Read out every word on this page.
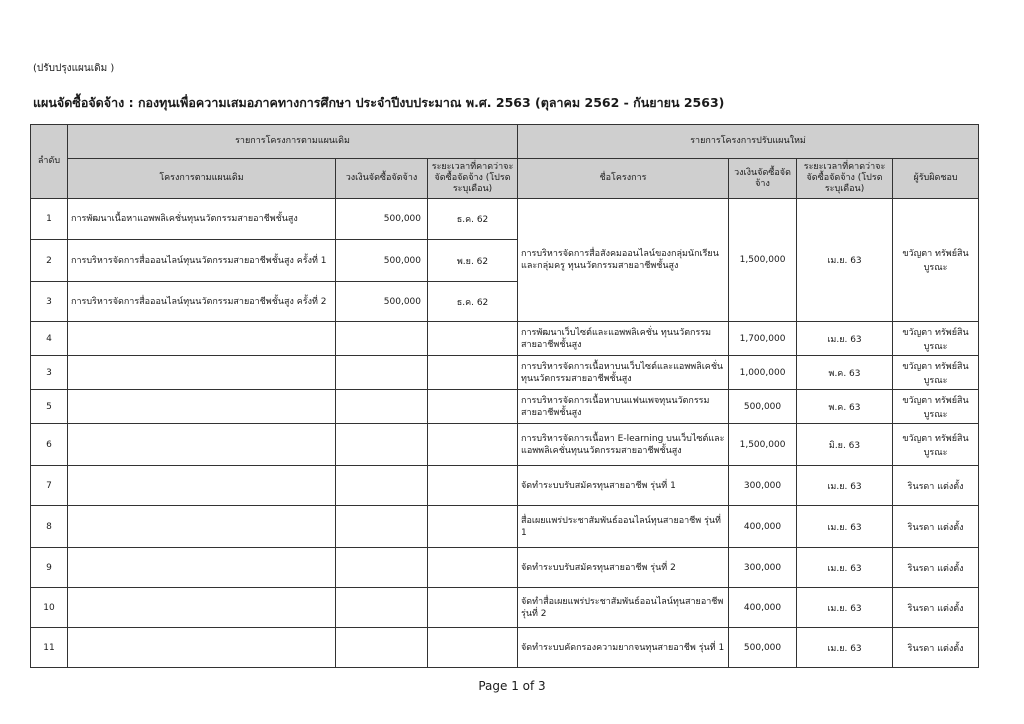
(ปรับปรุงแผนเดิม )
แผนจัดซื้อจัดจ้าง : กองทุนเพื่อความเสมอภาคทางการศึกษา ประจำปีงบประมาณ พ.ศ. 2563 (ตุลาคม 2562 - กันยายน 2563)
ลำดับ	รายการโครงการตามแผนเดิม			รายการโครงการปรับแผนใหม่			
	โครงการตามแผนเดิม	วงเงินจัดซื้อจัดจ้าง	ระยะเวลาที่คาดว่าจะจัดซื้อจัดจ้าง (โปรดระบุเดือน)	ชื่อโครงการ	วงเงินจัดซื้อจัดจ้าง	ระยะเวลาที่คาดว่าจะจัดซื้อจัดจ้าง (โปรดระบุเดือน)	ผู้รับผิดชอบ
1	การพัฒนาเนื้อหาแอพพลิเคชั่นทุนนวัตกรรมสายอาชีพชั้นสูง	500,000	ธ.ค. 62	การบริหารจัดการสื่อสังคมออนไลน์ของกลุ่มนักเรียนและกลุ่มครู ทุนนวัตกรรมสายอาชีพชั้นสูง	1,500,000	เม.ย. 63	ขวัญตา ทรัพย์สินบูรณะ
2	การบริหารจัดการสื่อออนไลน์ทุนนวัตกรรมสายอาชีพชั้นสูง ครั้งที่ 1	500,000	พ.ย. 62				
3	การบริหารจัดการสื่อออนไลน์ทุนนวัตกรรมสายอาชีพชั้นสูง ครั้งที่ 2	500,000	ธ.ค. 62				
4				การพัฒนาเว็บไซต์และแอพพลิเคชั่น ทุนนวัตกรรมสายอาชีพชั้นสูง	1,700,000	เม.ย. 63	ขวัญตา ทรัพย์สินบูรณะ
3				การบริหารจัดการเนื้อหาบนเว็บไซต์และแอพพลิเคชั่น ทุนนวัตกรรมสายอาชีพชั้นสูง	1,000,000	พ.ค. 63	ขวัญตา ทรัพย์สินบูรณะ
5				การบริหารจัดการเนื้อหาบนแฟนเพจทุนนวัตกรรมสายอาชีพชั้นสูง	500,000	พ.ค. 63	ขวัญตา ทรัพย์สินบูรณะ
6				การบริหารจัดการเนื้อหา E-learning บนเว็บไซต์และแอพพลิเคชั่นทุนนวัตกรรมสายอาชีพชั้นสูง	1,500,000	มิ.ย. 63	ขวัญตา ทรัพย์สินบูรณะ
7				จัดทำระบบรับสมัครทุนสายอาชีพ รุ่นที่ 1	300,000	เม.ย. 63	รินรดา แต่งตั้ง
8				สื่อเผยแพร่ประชาสัมพันธ์ออนไลน์ทุนสายอาชีพ รุ่นที่ 1	400,000	เม.ย. 63	รินรดา แต่งตั้ง
9				จัดทำระบบรับสมัครทุนสายอาชีพ รุ่นที่ 2	300,000	เม.ย. 63	รินรดา แต่งตั้ง
10				จัดทำสื่อเผยแพร่ประชาสัมพันธ์ออนไลน์ทุนสายอาชีพ รุ่นที่ 2	400,000	เม.ย. 63	รินรดา แต่งตั้ง
11				จัดทำระบบคัดกรองความยากจนทุนสายอาชีพ รุ่นที่ 1	500,000	เม.ย. 63	รินรดา แต่งตั้ง
Page 1 of 3
